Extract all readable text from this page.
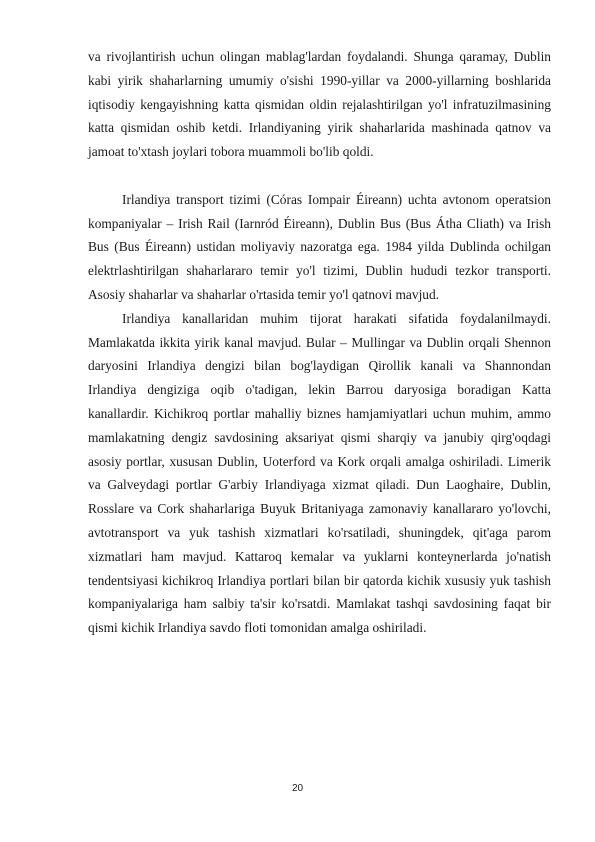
va rivojlantirish uchun olingan mablag'lardan foydalandi. Shunga qaramay, Dublin kabi yirik shaharlarning umumiy o'sishi 1990-yillar va 2000-yillarning boshlarida iqtisodiy kengayishning katta qismidan oldin rejalashtirilgan yo'l infratuzilmasining katta qismidan oshib ketdi. Irlandiyaning yirik shaharlarida mashinada qatnov va jamoat to'xtash joylari tobora muammoli bo'lib qoldi.

Irlandiya transport tizimi (Córas Iompair Éireann) uchta avtonom operatsion kompaniyalar – Irish Rail (Iarnród Éireann), Dublin Bus (Bus Átha Cliath) va Irish Bus (Bus Éireann) ustidan moliyaviy nazoratga ega. 1984 yilda Dublinda ochilgan elektrlashtirilgan shaharlararo temir yo'l tizimi, Dublin hududi tezkor transporti. Asosiy shaharlar va shaharlar o'rtasida temir yo'l qatnovi mavjud.

Irlandiya kanallaridan muhim tijorat harakati sifatida foydalanilmaydi. Mamlakatda ikkita yirik kanal mavjud. Bular – Mullingar va Dublin orqali Shennon daryosini Irlandiya dengizi bilan bog'laydigan Qirollik kanali va Shannondan Irlandiya dengiziga oqib o'tadigan, lekin Barrou daryosiga boradigan Katta kanallardir. Kichikroq portlar mahalliy biznes hamjamiyatlari uchun muhim, ammo mamlakatning dengiz savdosining aksariyat qismi sharqiy va janubiy qirg'oqdagi asosiy portlar, xususan Dublin, Uoterford va Kork orqali amalga oshiriladi. Limerik va Galveydagi portlar G'arbiy Irlandiyaga xizmat qiladi. Dun Laoghaire, Dublin, Rosslare va Cork shaharlariga Buyuk Britaniyaga zamonaviy kanallararo yo'lovchi, avtotransport va yuk tashish xizmatlari ko'rsatiladi, shuningdek, qit'aga parom xizmatlari ham mavjud. Kattaroq kemalar va yuklarni konteynerlarda jo'natish tendentsiyasi kichikroq Irlandiya portlari bilan bir qatorda kichik xususiy yuk tashish kompaniyalariga ham salbiy ta'sir ko'rsatdi. Mamlakat tashqi savdosining faqat bir qismi kichik Irlandiya savdo floti tomonidan amalga oshiriladi.

20
